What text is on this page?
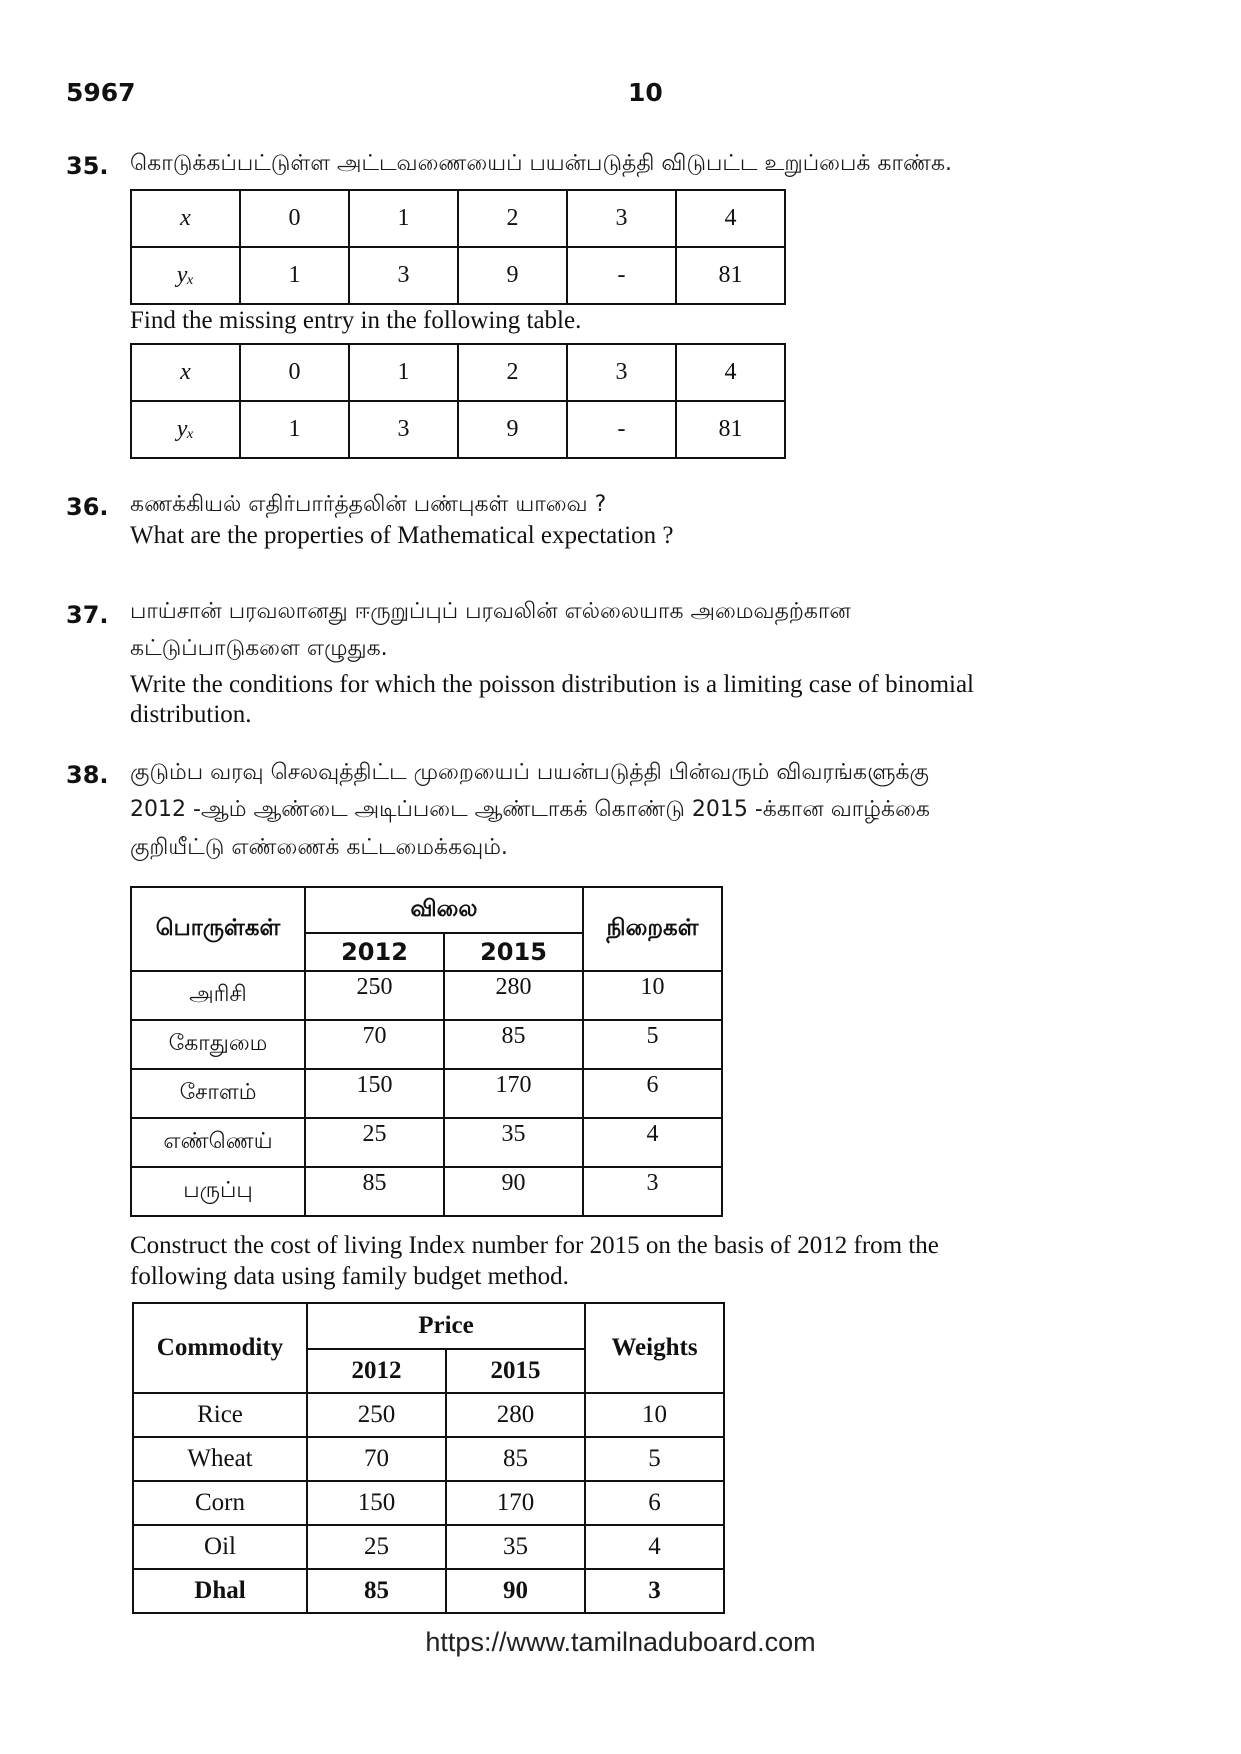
5967	10
35. கொடுக்கப்பட்டுள்ள அட்டவணையைப் பயன்படுத்தி விடுபட்ட உறுப்பைக் காண்க.
x	0	1	2	3	4
yₓ	1	3	9	-	81
Find the missing entry in the following table.
x	0	1	2	3	4
yₓ	1	3	9	-	81
36. கணக்கியல் எதிர்பார்த்தலின் பண்புகள் யாவை ?
What are the properties of Mathematical expectation ?
37. பாய்சான் பரவலானது ஈருறுப்புப் பரவலின் எல்லையாக அமைவதற்கான
கட்டுப்பாடுகளை எழுதுக.
Write the conditions for which the poisson distribution is a limiting case of binomial
distribution.
38. குடும்ப வரவு செலவுத்திட்ட முறையைப் பயன்படுத்தி பின்வரும் விவரங்களுக்கு
2012 -ஆம் ஆண்டை அடிப்படை ஆண்டாகக் கொண்டு 2015 -க்கான வாழ்க்கை
குறியீட்டு எண்ணைக் கட்டமைக்கவும்.
பொருள்கள்	விலை		நிறைகள்
	2012	2015	
அரிசி	250	280	10
கோதுமை	70	85	5
சோளம்	150	170	6
எண்ணெய்	25	35	4
பருப்பு	85	90	3
Construct the cost of living Index number for 2015 on the basis of 2012 from the
following data using family budget method.
Commodity	Price		Weights
	2012	2015	
Rice	250	280	10
Wheat	70	85	5
Corn	150	170	6
Oil	25	35	4
Dhal	85	90	3
https://www.tamilnaduboard.com
